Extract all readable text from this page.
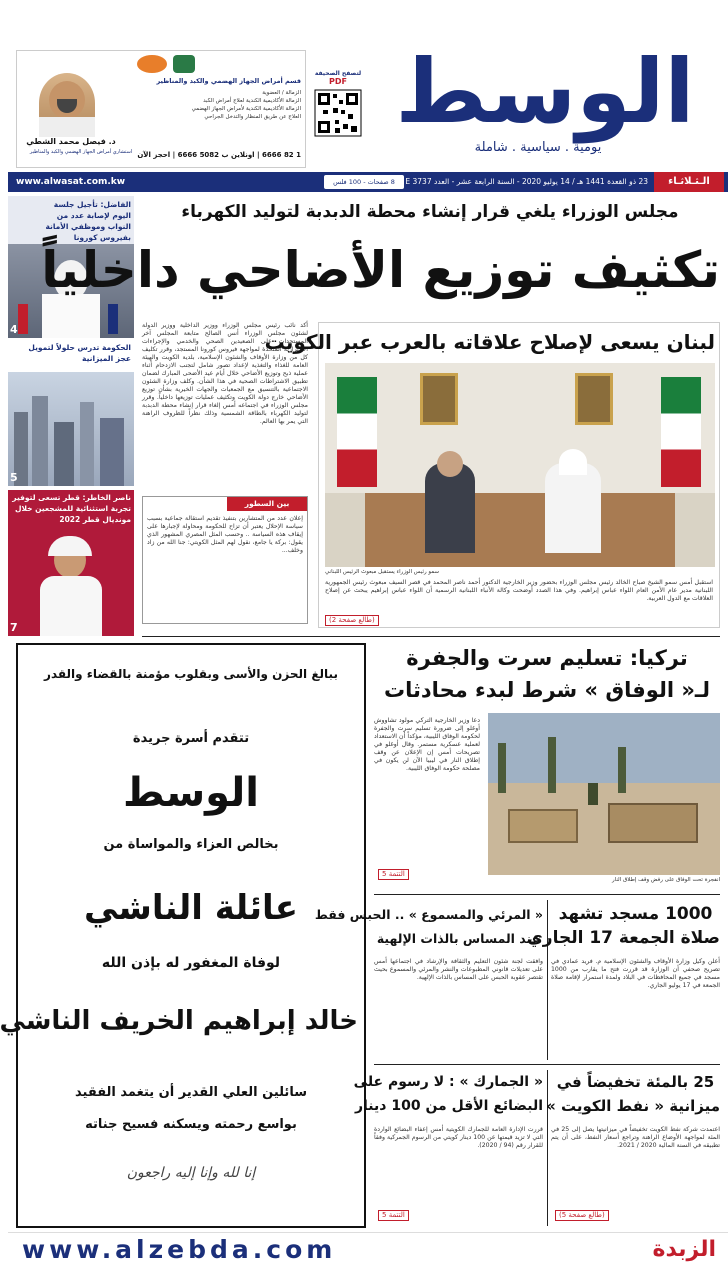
الوسط
يومية . سياسية . شاملة
لتصفح الصحيفة
PDF
قسم أمراض الجهاز الهضمي والكبد والمناظير
الزمالة / العضوية
الزمالة الأكاديمية الكندية لعلاج أمراض الكبد
الزمالة الأكاديمية الكندية لأمراض الجهاز الهضمي
العلاج عن طريق المنظار والتدخل الجراحي
د. فيصل محمد الشطي
استشاري أمراض الجهاز الهضمي والكبد والمناظير 1 82 6666 | اونلاين ب 5082 6666 | احجز الآن
الـثـلاثـاء
23 ذو القعدة 1441 هـ / 14 يوليو 2020 - السنة الرابعة عشر - العدد 3737 E
8 صفحات - 100 فلس
www.alwasat.com.kw
الفاضل: تأجيل جلسة اليوم لإصابة عدد من النواب وموظفي الأمانة بفيروس كورونا
4
الحكومة تدرس حلولاً لتمويل عجز الميزانية
5
ناصر الخاطر: قطر تسعى لتوفير تجربة استثنائية للمشجعين خلال مونديال قطر 2022
7
مجلس الوزراء يلغي قرار إنشاء محطة الدبدبة لتوليد الكهرباء
تكثيف توزيع الأضاحي داخلياً
أكد نائب رئيس مجلس الوزراء ووزير الداخلية ووزير الدولة لشئون مجلس الوزراء أنس الصالح متابعة المجلس آخر المستجدات على الصعيدين الصحي والخدمي والإجراءات الاحترازية المتخذة لمواجهة فيروس كورونا المستجد، وقرر تكليف كل من وزارة الأوقاف والشئون الإسلامية، بلدية الكويت والهيئة العامة للغذاء والتغذية لإعداد تصور شامل لتجنب الازدحام أثناء عملية ذبح وتوزيع الأضاحي خلال أيام عيد الأضحى المبارك لضمان تطبيق الاشتراطات الصحية في هذا الشأن. وكلف وزارة الشئون الاجتماعية بالتنسيق مع الجمعيات والجهات الخيرية بشأن توزيع الأضاحي خارج دولة الكويت وتكثيف عمليات توزيعها داخلياً. وقرر مجلس الوزراء في اجتماعه أمس إلغاء قرار إنشاء محطة الدبدبة لتوليد الكهرباء بالطاقة الشمسية وذلك نظراً للظروف الراهنة التي يمر بها العالم.
بين السطور
إعلان عدد من المتشارين بتنفيذ تقديم استقالة جماعية بسبب سياسة الإحلال يعتبر أن تزاح للحكومة ومحاولة لإجبارها على إيقاف هذه السياسة .. وحسب المثل المصري المشهور الذي يقول: بركة يا جامع، نقول لهم المثل الكويتي: جنا الله من زاد وخلف...
لبنان يسعى لإصلاح علاقاته بالعرب عبر الكويت
سمو رئيس الوزراء يستقبل مبعوث الرئيس اللبناني
استقبل أمس سمو الشيخ صباح الخالد رئيس مجلس الوزراء بحضور وزير الخارجية الدكتور أحمد ناصر المحمد في قصر السيف مبعوث رئيس الجمهورية اللبنانية مدير عام الأمن العام اللواء عباس إبراهيم. وفي هذا الصدد أوضحت وكالة الأنباء اللبنانية الرسمية أن اللواء عباس إبراهيم يبحث عن إصلاح العلاقات مع الدول العربية.
(طالع صفحة 2)
ببالغ الحزن والأسى وبقلوب مؤمنة بالقضاء والقدر
تتقدم أسرة جريدة
الوسط
بخالص العزاء والمواساة من
عائلة الناشي
لوفاة المغفور له بإذن الله
خالد إبراهيم الخريف الناشي
سائلين العلي القدير أن يتغمد الفقيد
بواسع رحمته ويسكنه فسيح جناته
إنا لله وإنا إليه راجعون
تركيا: تسليم سرت والجفرة
لـ« الوفاق » شرط لبدء محادثات
انفجرة تحت الوفاق على رفض وقف إطلاق النار
دعا وزير الخارجية التركي مولود تشاووش أوغلو إلى ضرورة تسليم سرت والجفرة لحكومة الوفاق الليبية، مؤكداً أن الاستعداد لعملية عسكرية مستمر. وقال أوغلو في تصريحات أمس إن الإعلان عن وقف إطلاق النار في ليبيا الآن لن يكون في مصلحة حكومة الوفاق الليبية.
التتمة 5
1000 مسجد تشهد
صلاة الجمعة 17 الجاري
أعلن وكيل وزارة الأوقاف والشئون الإسلامية م. فريد عمادي في تصريح صحفي أن الوزارة قد قررت فتح ما يقارب من 1000 مسجد في جميع المحافظات في البلاد ولمدة استمرار لإقامة صلاة الجمعة في 17 يوليو الجاري.
« المرئي والمسموع » .. الحبس فقط
عند المساس بالذات الإلهية
وافقت لجنة شئون التعليم والثقافة والإرشاد في اجتماعها أمس على تعديلات قانوني المطبوعات والنشر والمرئي والمسموع بحيث تقتصر عقوبة الحبس على المساس بالذات الإلهية.
25 بالمئة تخفيضاً في
ميزانية « نفط الكويت »
اعتمدت شركة نفط الكويت تخفيضاً في ميزانيتها يصل إلى 25 في المئة لمواجهة الأوضاع الراهنة وتراجع أسعار النفط، على أن يتم تطبيقه في السنة المالية 2020 / 2021.
(طالع صفحة 5)
« الجمارك » : لا رسوم على
البضائع الأقل من 100 دينار
قررت الإدارة العامة للجمارك الكويتية أمس إعفاء البضائع الواردة التي لا تزيد قيمتها عن 100 دينار كويتي من الرسوم الجمركية وفقاً للقرار رقم (94 / 2020).
التتمة 5
www.alzebda.com	الزبدة
